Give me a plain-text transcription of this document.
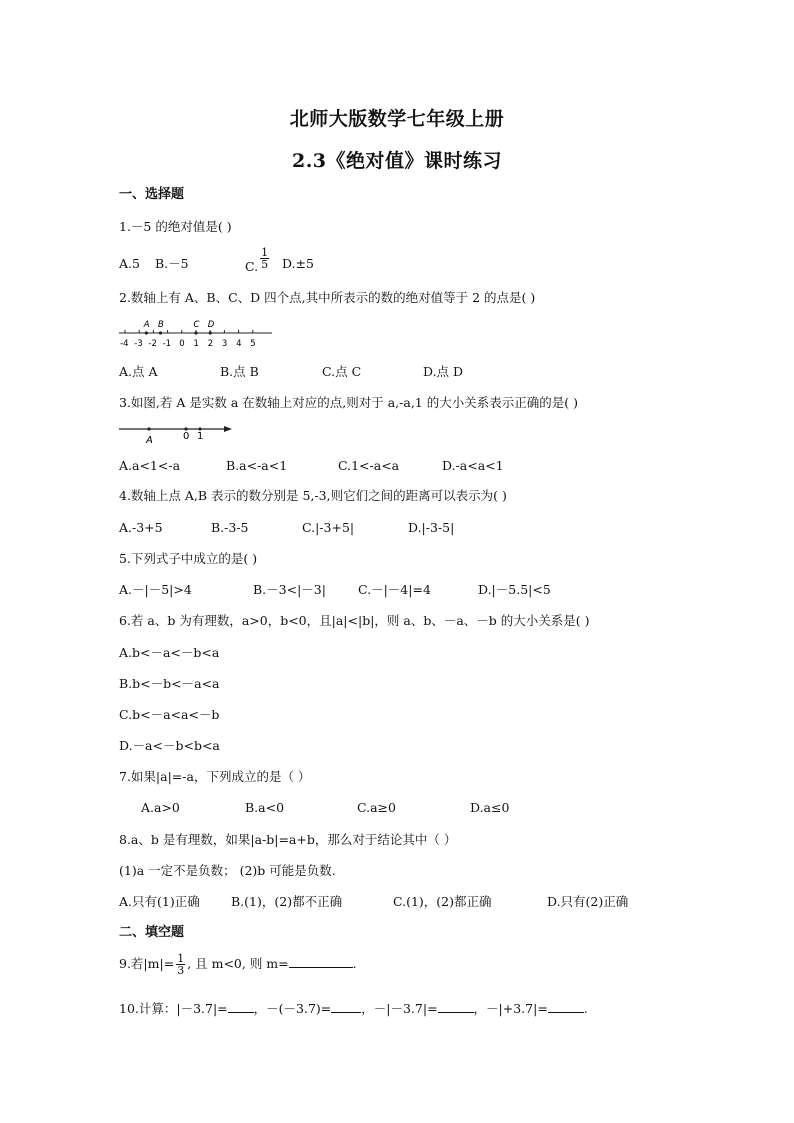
北师大版数学七年级上册
2.3《绝对值》课时练习
一、选择题
1.－5 的绝对值是( )
A.5 B.－5	C. $\frac{1}{5} D.\pm 5$
2.数轴上有 A、B、C、D 四个点,其中所表示的数的绝对值等于 2 的点是( )
-4 -3 -2 -1 0 1 2 3 4 5
A B	C D
A.点 A	B.点 B	C.点 C	D.点 D
3.如图,若 A 是实数 a 在数轴上对应的点,则对于 a,-a,1 的大小关系表示正确的是( )
A	0 1
A.a<1<-a	B.a<-a<1	C.1<-a<a	D.-a<a<1
4.数轴上点 A,B 表示的数分别是 5,-3,则它们之间的距离可以表示为( )
A.-3+5	B.-3-5	C.|-3+5|	D.|-3-5|
5.下列式子中成立的是( )
A.－|－5|>4	B.－3<|－3|	C.－|－4|=4	D.|－5.5|<5
6.若 a、b 为有理数，a>0，b<0，且|a|<|b|，则 a、b、－a、－b 的大小关系是( )
A.b<－a<－b<a
B.b<－b<－a<a
C.b<－a<a<－b
D.－a<－b<b<a
7.如果|a|=-a，下列成立的是（ ）
A.a>0	B.a<0	C.a≥0	D.a≤0
8.a、b 是有理数，如果|a-b|=a+b，那么对于结论其中（ ）
(1)a 一定不是负数； (2)b 可能是负数.
A.只有(1)正确	B.(1)，(2)都不正确	C.(1)，(2)都正确	D.只有(2)正确
二、填空题
9.若$|m|= \frac{1}{3}$ , 且 m<0, 则 m=	.
10.计算：|－3.7|= ，－(－3.7)= ，－|－3.7|=	，－|+3.7|=	.
